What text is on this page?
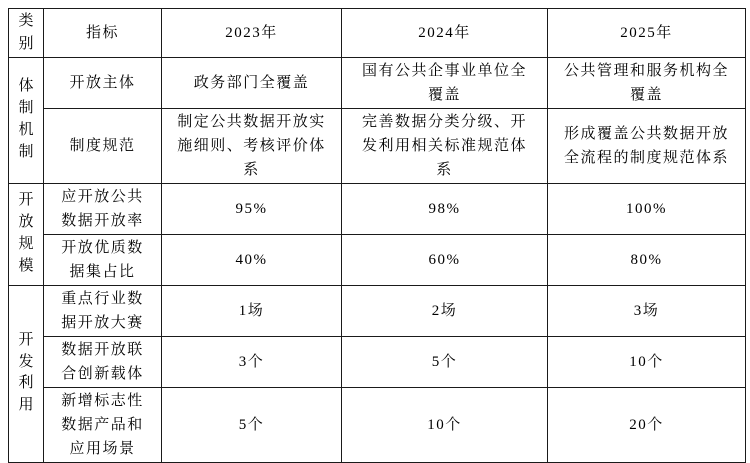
类别	指标	2023年	2024年	2025年
体制机制	开放主体	政务部门全覆盖	国有公共企事业单位全覆盖	公共管理和服务机构全覆盖
	制度规范	制定公共数据开放实施细则、考核评价体系	完善数据分类分级、开发利用相关标准规范体系	形成覆盖公共数据开放全流程的制度规范体系
开放规模	应开放公共数据开放率	95%	98%	100%
	开放优质数据集占比	40%	60%	80%
开发利用	重点行业数据开放大赛	1场	2场	3场
	数据开放联合创新载体	3个	5个	10个
	新增标志性数据产品和应用场景	5个	10个	20个
